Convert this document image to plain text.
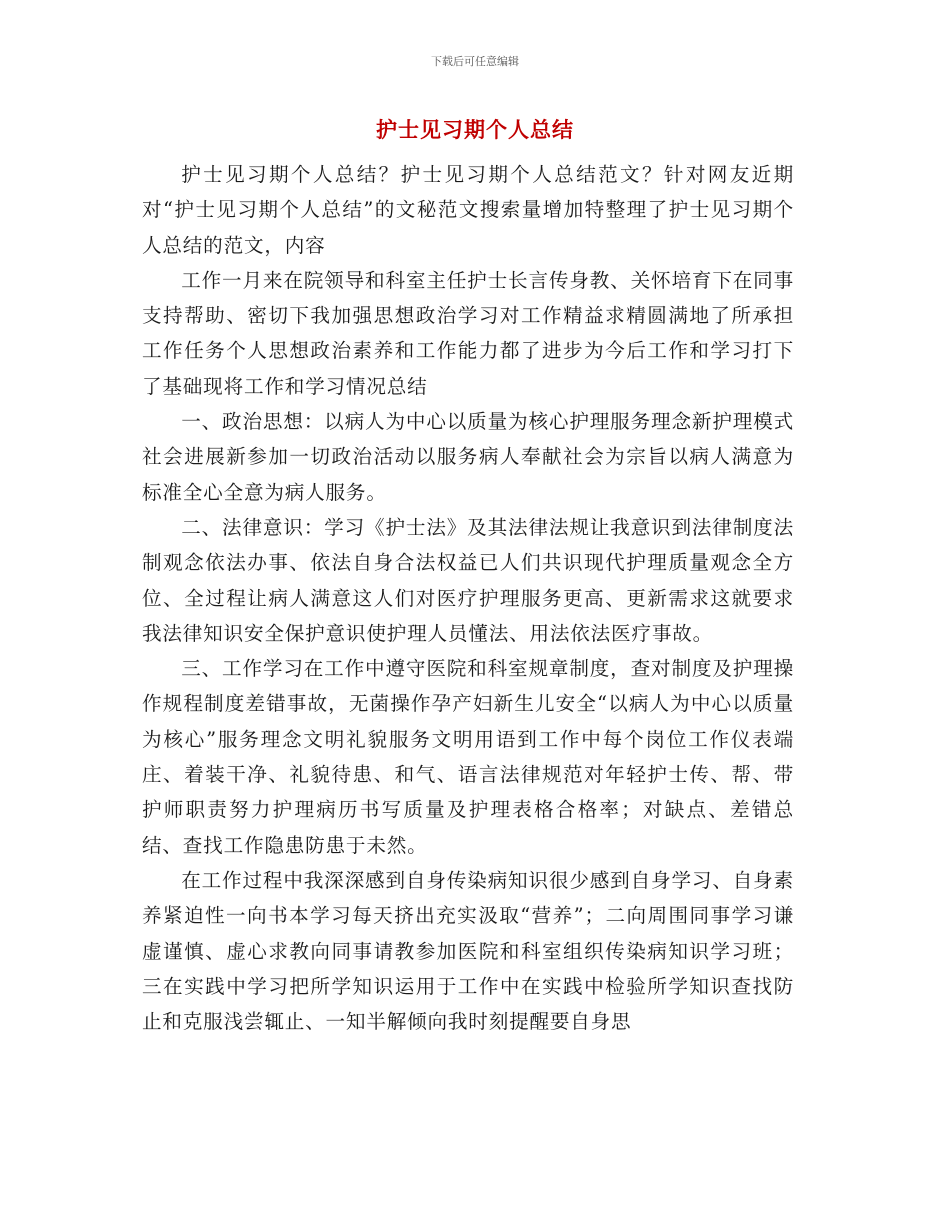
下载后可任意编辑
护士见习期个人总结

护士见习期个人总结？护士见习期个人总结范文？针对网友近期对“护士见习期个人总结”的文秘范文搜索量增加特整理了护士见习期个人总结的范文，内容

工作一月来在院领导和科室主任护士长言传身教、关怀培育下在同事支持帮助、密切下我加强思想政治学习对工作精益求精圆满地了所承担工作任务个人思想政治素养和工作能力都了进步为今后工作和学习打下了基础现将工作和学习情况总结

一、政治思想：以病人为中心以质量为核心护理服务理念新护理模式社会进展新参加一切政治活动以服务病人奉献社会为宗旨以病人满意为标准全心全意为病人服务。

二、法律意识：学习《护士法》及其法律法规让我意识到法律制度法制观念依法办事、依法自身合法权益已人们共识现代护理质量观念全方位、全过程让病人满意这人们对医疗护理服务更高、更新需求这就要求我法律知识安全保护意识使护理人员懂法、用法依法医疗事故。

三、工作学习在工作中遵守医院和科室规章制度，查对制度及护理操作规程制度差错事故，无菌操作孕产妇新生儿安全“以病人为中心以质量为核心”服务理念文明礼貌服务文明用语到工作中每个岗位工作仪表端庄、着装干净、礼貌待患、和气、语言法律规范对年轻护士传、帮、带护师职责努力护理病历书写质量及护理表格合格率；对缺点、差错总结、查找工作隐患防患于未然。

在工作过程中我深深感到自身传染病知识很少感到自身学习、自身素养紧迫性一向书本学习每天挤出充实汲取“营养”；二向周围同事学习谦虚谨慎、虚心求教向同事请教参加医院和科室组织传染病知识学习班；三在实践中学习把所学知识运用于工作中在实践中检验所学知识查找防止和克服浅尝辄止、一知半解倾向我时刻提醒要自身思
